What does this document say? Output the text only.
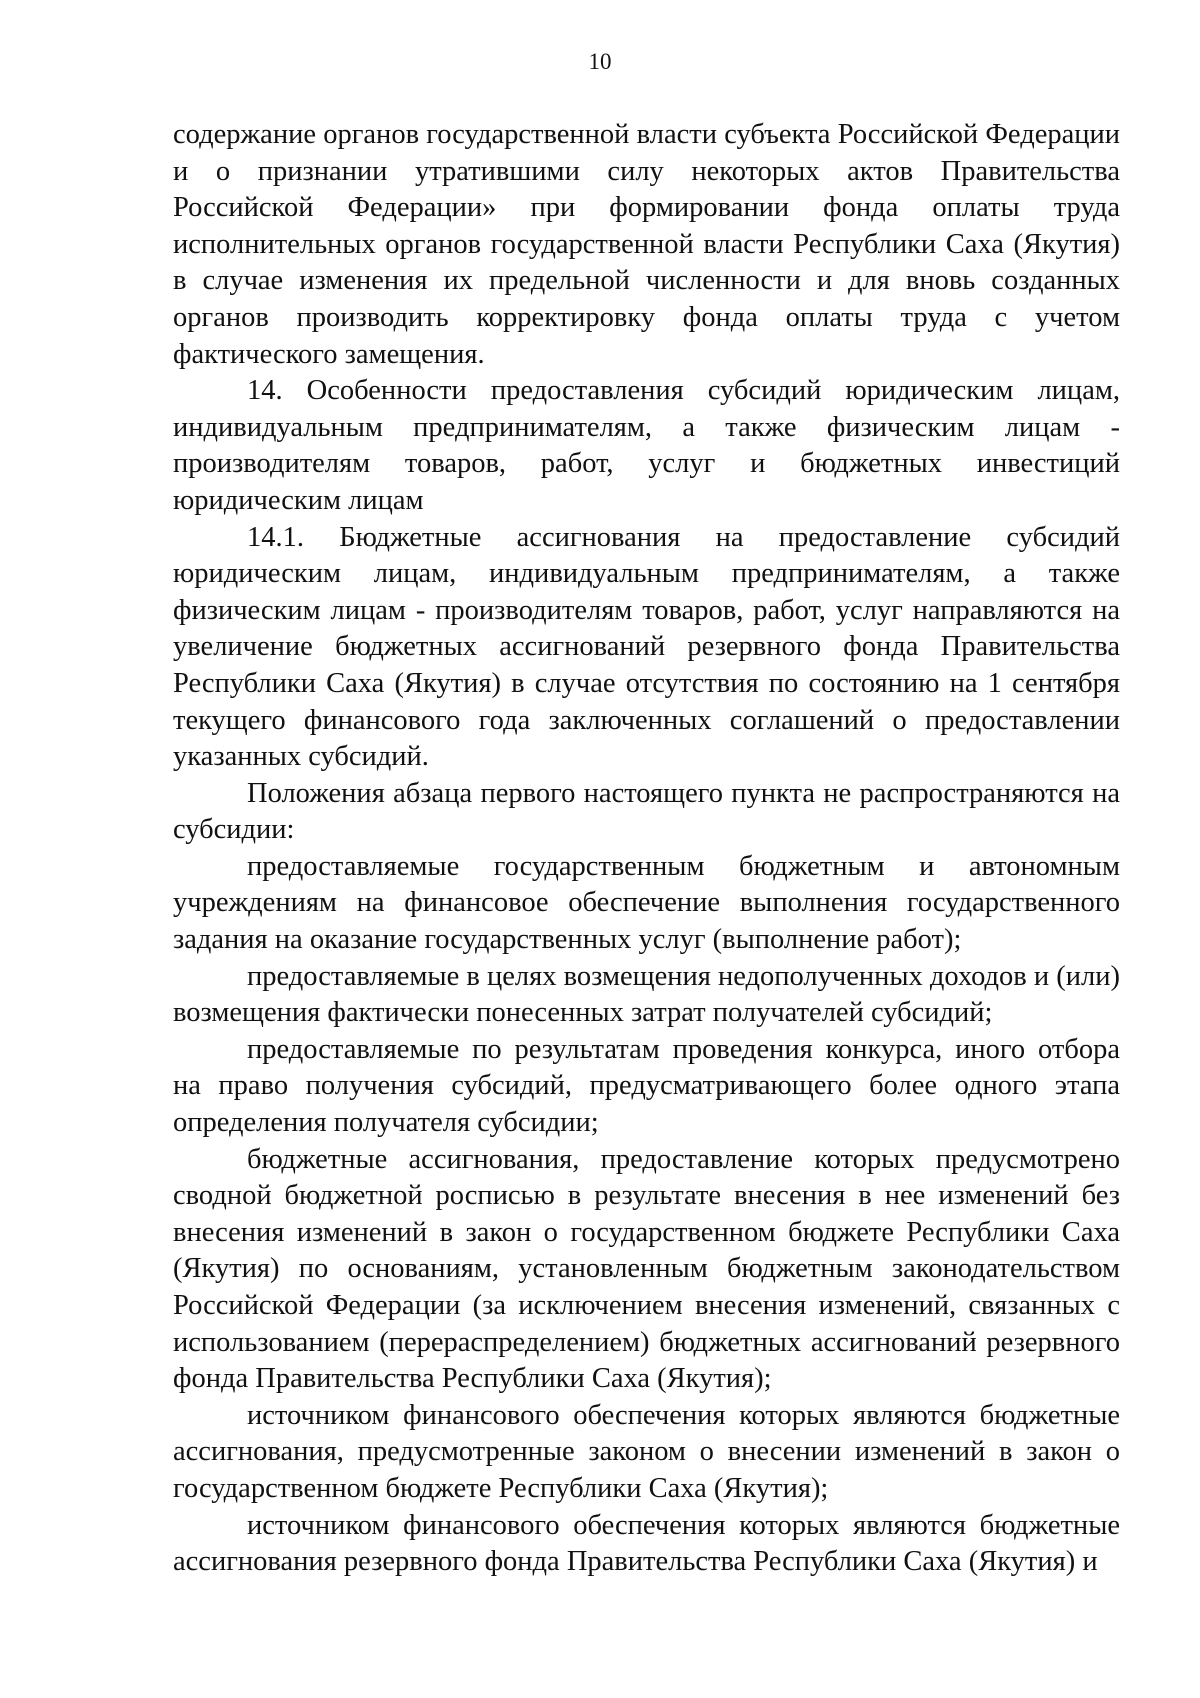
10

содержание органов государственной власти субъекта Российской Федерации и о признании утратившими силу некоторых актов Правительства Российской Федерации» при формировании фонда оплаты труда исполнительных органов государственной власти Республики Саха (Якутия) в случае изменения их предельной численности и для вновь созданных органов производить корректировку фонда оплаты труда с учетом фактического замещения.

14. Особенности предоставления субсидий юридическим лицам, индивидуальным предпринимателям, а также физическим лицам - производителям товаров, работ, услуг и бюджетных инвестиций юридическим лицам

14.1. Бюджетные ассигнования на предоставление субсидий юридическим лицам, индивидуальным предпринимателям, а также физическим лицам - производителям товаров, работ, услуг направляются на увеличение бюджетных ассигнований резервного фонда Правительства Республики Саха (Якутия) в случае отсутствия по состоянию на 1 сентября текущего финансового года заключенных соглашений о предоставлении указанных субсидий.

Положения абзаца первого настоящего пункта не распространяются на субсидии:

предоставляемые государственным бюджетным и автономным учреждениям на финансовое обеспечение выполнения государственного задания на оказание государственных услуг (выполнение работ);

предоставляемые в целях возмещения недополученных доходов и (или) возмещения фактически понесенных затрат получателей субсидий;

предоставляемые по результатам проведения конкурса, иного отбора на право получения субсидий, предусматривающего более одного этапа определения получателя субсидии;

бюджетные ассигнования, предоставление которых предусмотрено сводной бюджетной росписью в результате внесения в нее изменений без внесения изменений в закон о государственном бюджете Республики Саха (Якутия) по основаниям, установленным бюджетным законодательством Российской Федерации (за исключением внесения изменений, связанных с использованием (перераспределением) бюджетных ассигнований резервного фонда Правительства Республики Саха (Якутия);

источником финансового обеспечения которых являются бюджетные ассигнования, предусмотренные законом о внесении изменений в закон о государственном бюджете Республики Саха (Якутия);

источником финансового обеспечения которых являются бюджетные ассигнования резервного фонда Правительства Республики Саха (Якутия) и
